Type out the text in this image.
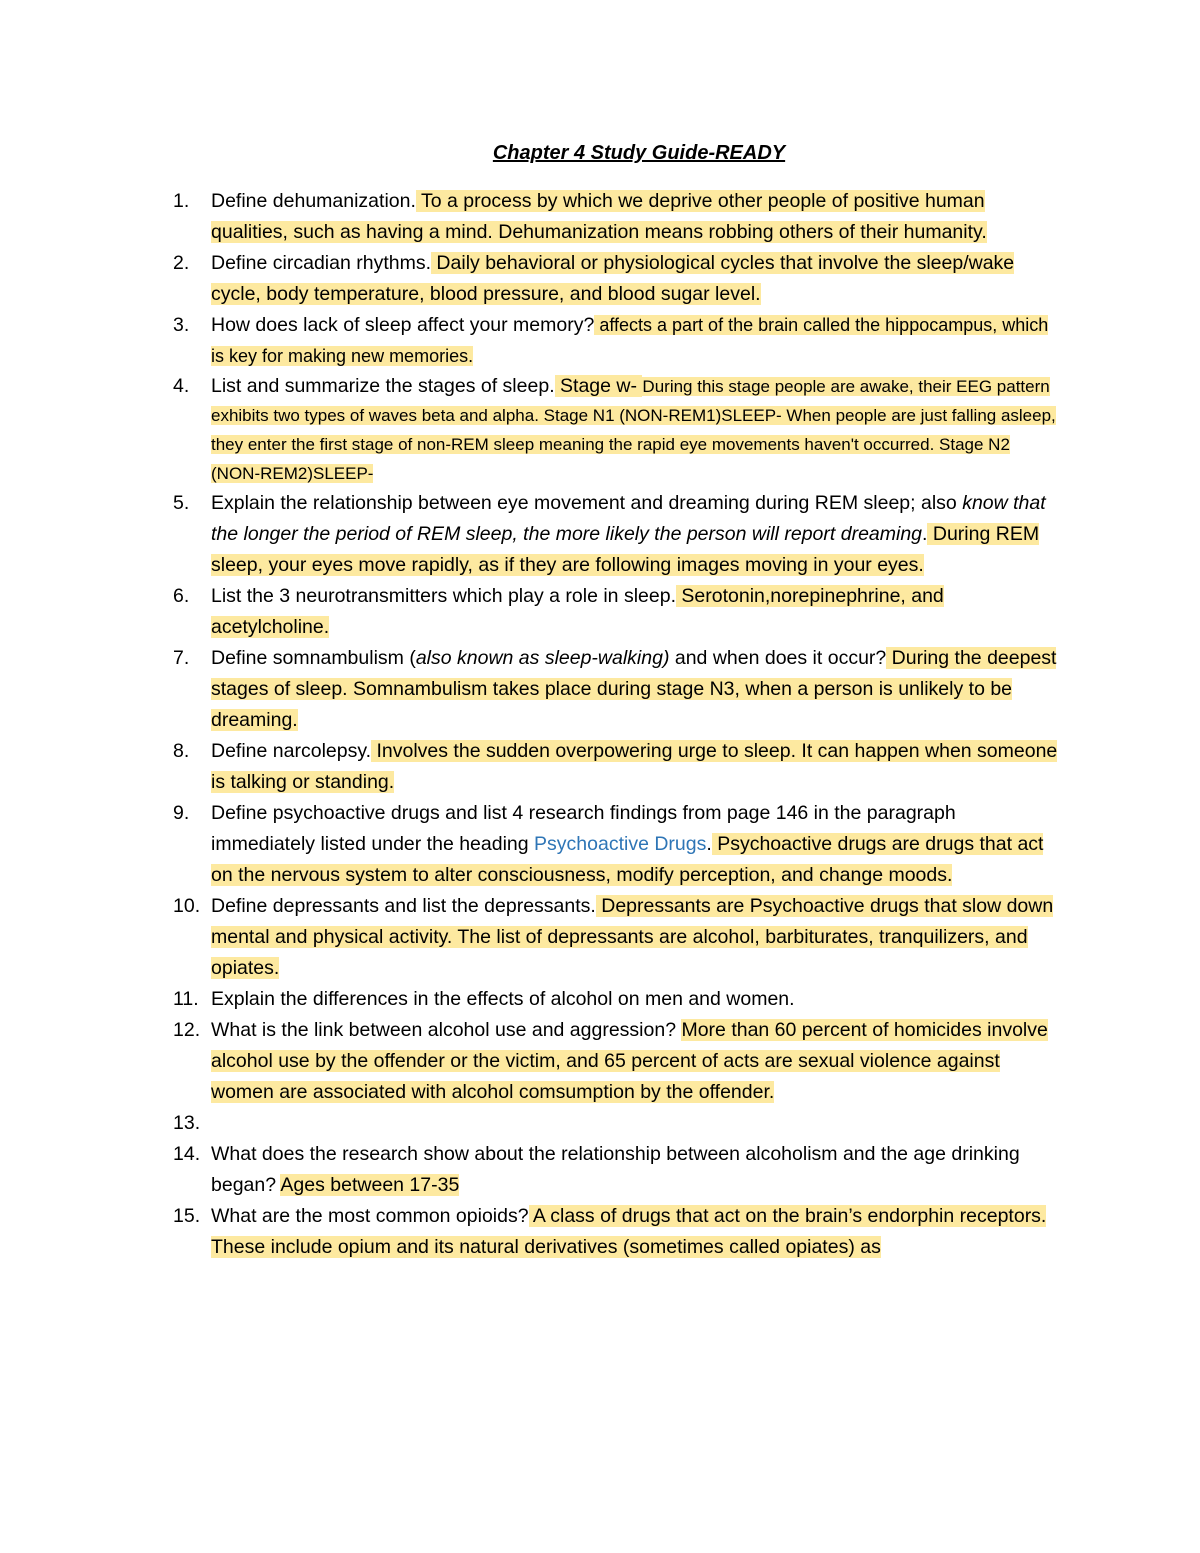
Chapter 4 Study Guide-READY
1.	Define dehumanization. To a process by which we deprive other people of positive human qualities, such as having a mind. Dehumanization means robbing others of their humanity.
2.	Define circadian rhythms. Daily behavioral or physiological cycles that involve the sleep/wake cycle, body temperature, blood pressure, and blood sugar level.
3.	How does lack of sleep affect your memory? affects a part of the brain called the hippocampus, which is key for making new memories.
4.	List and summarize the stages of sleep. Stage w- During this stage people are awake, their EEG pattern exhibits two types of waves beta and alpha. Stage N1 (NON-REM1)SLEEP- When people are just falling asleep, they enter the first stage of non-REM sleep meaning the rapid eye movements haven't occurred. Stage N2 (NON-REM2)SLEEP-
5.	Explain the relationship between eye movement and dreaming during REM sleep; also know that the longer the period of REM sleep, the more likely the person will report dreaming. During REM sleep, your eyes move rapidly, as if they are following images moving in your eyes.
6.	List the 3 neurotransmitters which play a role in sleep. Serotonin,norepinephrine, and acetylcholine.
7.	Define somnambulism (also known as sleep-walking) and when does it occur? During the deepest stages of sleep. Somnambulism takes place during stage N3, when a person is unlikely to be dreaming.
8.	Define narcolepsy. Involves the sudden overpowering urge to sleep. It can happen when someone is talking or standing.
9.	Define psychoactive drugs and list 4 research findings from page 146 in the paragraph immediately listed under the heading Psychoactive Drugs. Psychoactive drugs are drugs that act on the nervous system to alter consciousness, modify perception, and change moods.
10. Define depressants and list the depressants. Depressants are Psychoactive drugs that slow down mental and physical activity. The list of depressants are alcohol, barbiturates, tranquilizers, and opiates.
11. Explain the differences in the effects of alcohol on men and women.
12. What is the link between alcohol use and aggression? More than 60 percent of homicides involve alcohol use by the offender or the victim, and 65 percent of acts are sexual violence against women are associated with alcohol comsumption by the offender.
13.

14. What does the research show about the relationship between alcoholism and the age drinking began? Ages between 17-35
15. What are the most common opioids? A class of drugs that act on the brain’s endorphin receptors. These include opium and its natural derivatives (sometimes called opiates) as
